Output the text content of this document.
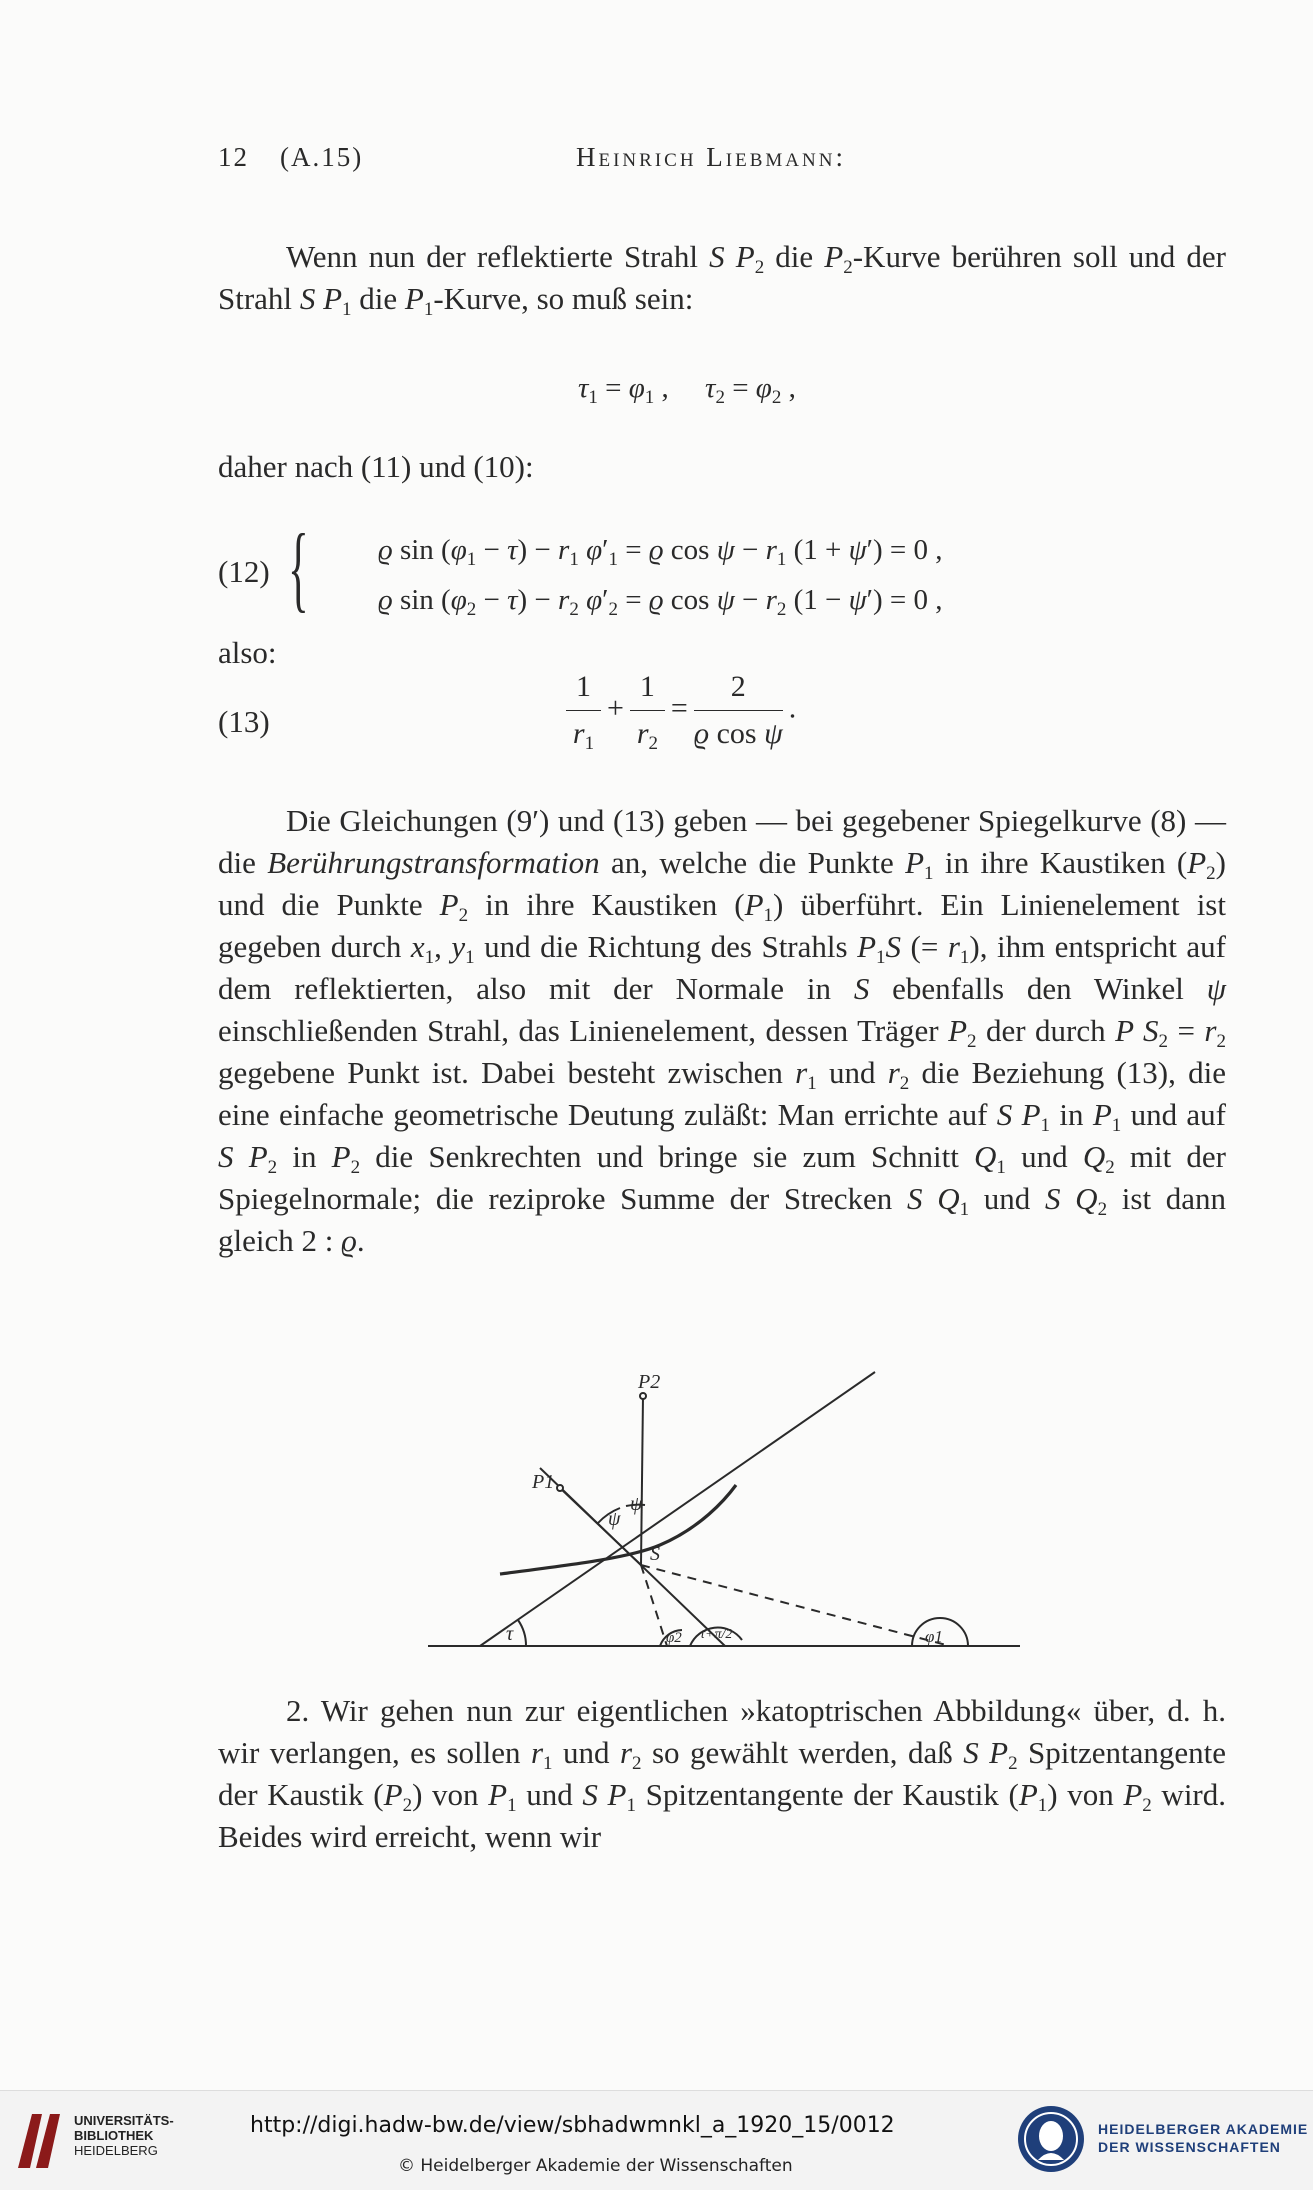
12 (A.15)	Heinrich Liebmann:
Wenn nun der reflektierte Strahl S $P_2$ die $P_2$-Kurve berühren soll und der Strahl S $P_1$ die $P_1$-Kurve, so muß sein:
$\tau_1 = \varphi_1$ ,     $\tau_2 = \varphi_2$ ,
daher nach (11) und (10):
(12) { ϱ $\sin (\varphi_1 - \tau) - r_1$ $\varphi'_1 = ϱ$ $\cos \psi - r_1$ (1 + ψ′) = 0 ,
ϱ $\sin (\varphi_2 - \tau) - r_2$ $\varphi'_2 = ϱ$ $\cos \psi - r_2$ (1 − ψ′) = 0 ,
also:
(13)	$\frac{1}{r_1} + \frac{1}{r_2} = \frac{2}{\text{ϱ cos ψ}}$ .
Die Gleichungen (9′) und (13) geben — bei gegebener Spiegelkurve (8) — die Berührungstransformation an, welche die Punkte $P_1$ in ihre Kaustiken $(P_2)$ und die Punkte $P_2$ in ihre Kaustiken $(P_1)$ überführt. Ein Linienelement ist gegeben durch $x_1$, $y_1$ und die Richtung des Strahls $P_1S$ (= $r_1$), ihm entspricht auf dem reflektierten, also mit der Normale in S ebenfalls den Winkel ψ einschließenden Strahl, das Linienelement, dessen Träger $P_2$ der durch P $S_2 = r_2$ gegebene Punkt ist. Dabei besteht zwischen $r_1$ und $r_2$ die Beziehung (13), die eine einfache geometrische Deutung zuläßt: Man errichte auf S $P_1$ in $P_1$ und auf S $P_2$ in $P_2$ die Senkrechten und bringe sie zum Schnitt $Q_1$ und $Q_2$ mit der Spiegelnormale; die reziproke Summe der Strecken S $Q_1$ und S $Q_2$ ist dann gleich 2 : ϱ.
P2
P1
ψ
ψ
S
τ	φ2 τ+π/2	φ1
2. Wir gehen nun zur eigentlichen »katoptrischen Abbildung« über, d. h. wir verlangen, es sollen $r_1$ und $r_2$ so gewählt werden, daß S $P_2$ Spitzentangente der Kaustik $(P_2)$ von $P_1$ und S $P_1$ Spitzentangente der Kaustik $(P_1)$ von $P_2$ wird. Beides wird erreicht, wenn wir
UNIVERSITÄTS-
BIBLIOTHEK
HEIDELBERG
http://digi.hadw-bw.de/view/sbhadwmnkl_a_1920_15/0012
© Heidelberger Akademie der Wissenschaften
HEIDELBERGER AKADEMIE
DER WISSENSCHAFTEN
